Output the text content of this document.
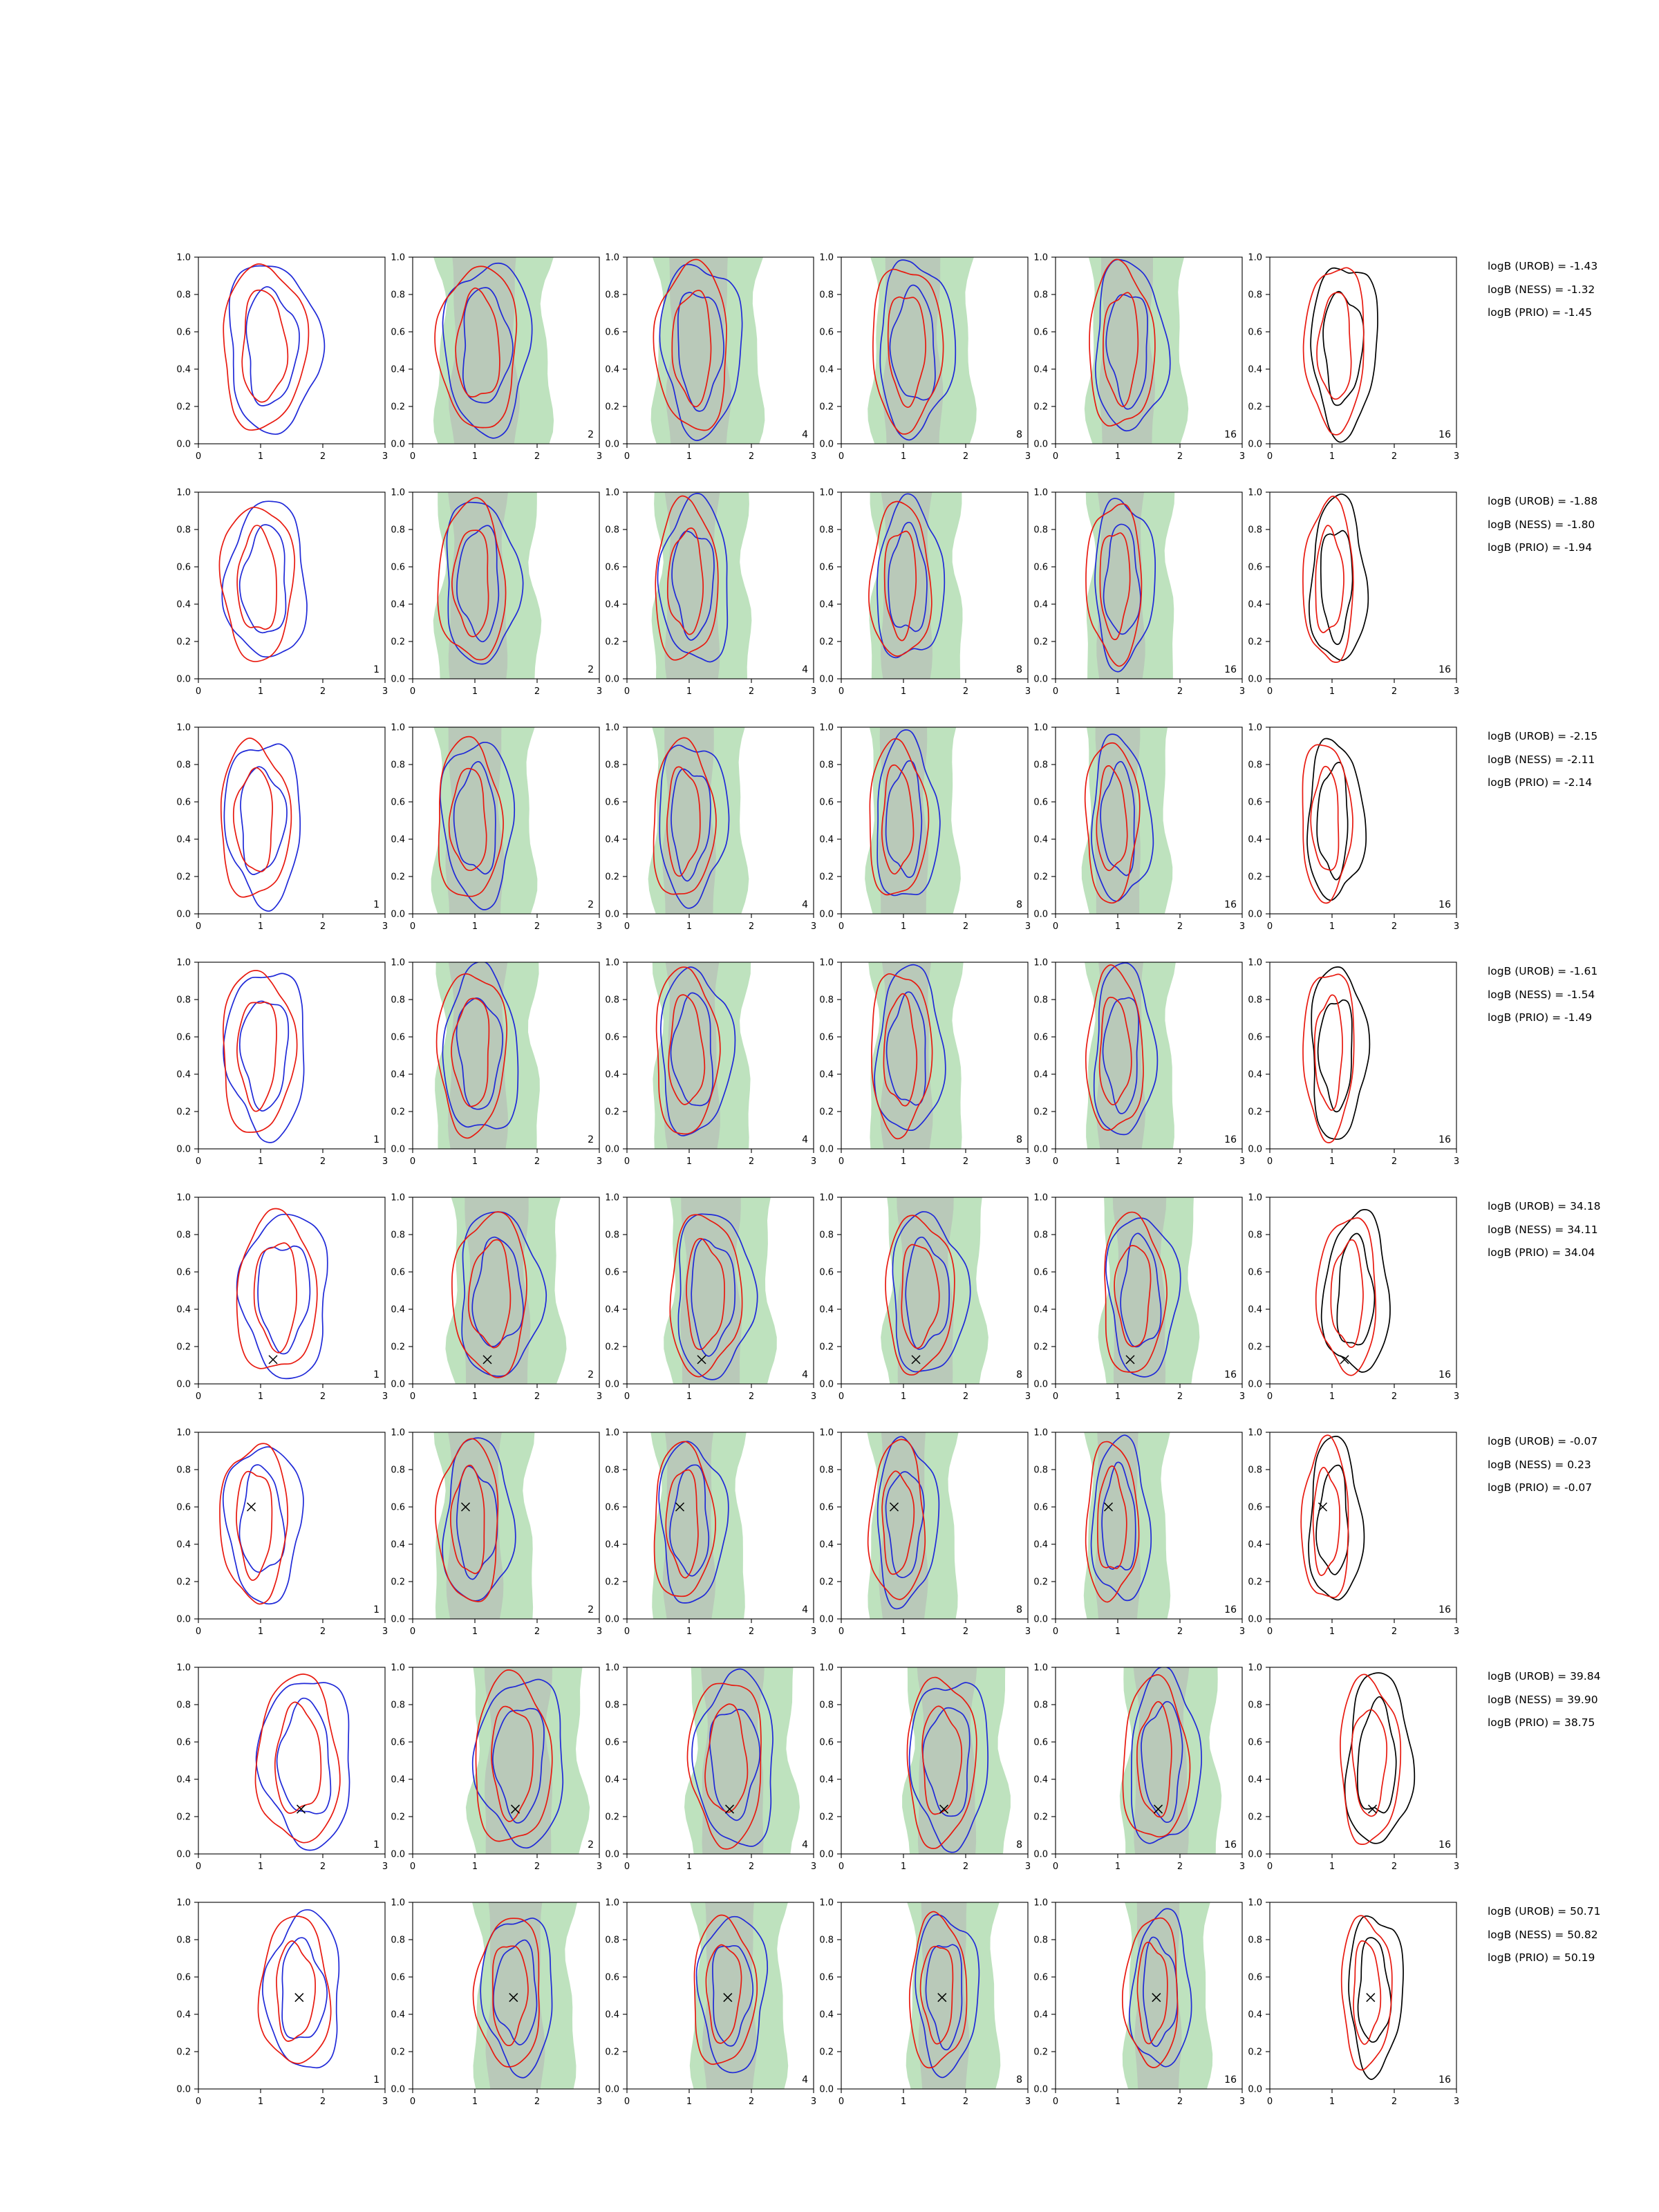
0	1	2	3
0.0
0.2
0.4
0.6
0.8
1.0
0	1	2	3
0.0
0.2
0.4
0.6
0.8
1.0
2
0	1	2	3
0.0
0.2
0.4
0.6
0.8
1.0
4
0	1	2	3
0.0
0.2
0.4
0.6
0.8
1.0
8
0	1	2	3
0.0
0.2
0.4
0.6
0.8
1.0
16
0	1	2	3
0.0
0.2
0.4
0.6
0.8
1.0
16
logB (UROB) = -1.43
logB (NESS) = -1.32
logB (PRIO) = -1.45
0	1	2	3
0.0
0.2
0.4
0.6
0.8
1.0
1
0	1	2	3
0.0
0.2
0.4
0.6
0.8
1.0
2
0	1	2	3
0.0
0.2
0.4
0.6
0.8
1.0
4
0	1	2	3
0.0
0.2
0.4
0.6
0.8
1.0
8
0	1	2	3
0.0
0.2
0.4
0.6
0.8
1.0
16
0	1	2	3
0.0
0.2
0.4
0.6
0.8
1.0
16
logB (UROB) = -1.88
logB (NESS) = -1.80
logB (PRIO) = -1.94
0	1	2	3
0.0
0.2
0.4
0.6
0.8
1.0
1
0	1	2	3
0.0
0.2
0.4
0.6
0.8
1.0
2
0	1	2	3
0.0
0.2
0.4
0.6
0.8
1.0
4
0	1	2	3
0.0
0.2
0.4
0.6
0.8
1.0
8
0	1	2	3
0.0
0.2
0.4
0.6
0.8
1.0
16
0	1	2	3
0.0
0.2
0.4
0.6
0.8
1.0
16
logB (UROB) = -2.15
logB (NESS) = -2.11
logB (PRIO) = -2.14
0	1	2	3
0.0
0.2
0.4
0.6
0.8
1.0
1
0	1	2	3
0.0
0.2
0.4
0.6
0.8
1.0
2
0	1	2	3
0.0
0.2
0.4
0.6
0.8
1.0
4
0	1	2	3
0.0
0.2
0.4
0.6
0.8
1.0
8
0	1	2	3
0.0
0.2
0.4
0.6
0.8
1.0
16
0	1	2	3
0.0
0.2
0.4
0.6
0.8
1.0
16
logB (UROB) = -1.61
logB (NESS) = -1.54
logB (PRIO) = -1.49
0	1	2	3
0.0
0.2
0.4
0.6
0.8
1.0
1
0	1	2	3
0.0
0.2
0.4
0.6
0.8
1.0
2
0	1	2	3
0.0
0.2
0.4
0.6
0.8
1.0
4
0	1	2	3
0.0
0.2
0.4
0.6
0.8
1.0
8
0	1	2	3
0.0
0.2
0.4
0.6
0.8
1.0
16
0	1	2	3
0.0
0.2
0.4
0.6
0.8
1.0
16
logB (UROB) = 34.18
logB (NESS) = 34.11
logB (PRIO) = 34.04
0	1	2	3
0.0
0.2
0.4
0.6
0.8
1.0
1
0	1	2	3
0.0
0.2
0.4
0.6
0.8
1.0
2
0	1	2	3
0.0
0.2
0.4
0.6
0.8
1.0
4
0	1	2	3
0.0
0.2
0.4
0.6
0.8
1.0
8
0	1	2	3
0.0
0.2
0.4
0.6
0.8
1.0
16
0	1	2	3
0.0
0.2
0.4
0.6
0.8
1.0
16
logB (UROB) = -0.07
logB (NESS) = 0.23
logB (PRIO) = -0.07
0	1	2	3
0.0
0.2
0.4
0.6
0.8
1.0
1
0	1	2	3
0.0
0.2
0.4
0.6
0.8
1.0
2
0	1	2	3
0.0
0.2
0.4
0.6
0.8
1.0
4
0	1	2	3
0.0
0.2
0.4
0.6
0.8
1.0
8
0	1	2	3
0.0
0.2
0.4
0.6
0.8
1.0
16
0	1	2	3
0.0
0.2
0.4
0.6
0.8
1.0
16
logB (UROB) = 39.84
logB (NESS) = 39.90
logB (PRIO) = 38.75
0	1	2	3
0.0
0.2
0.4
0.6
0.8
1.0
1
0	1	2	3
0.0
0.2
0.4
0.6
0.8
1.0
0	1	2	3
0.0
0.2
0.4
0.6
0.8
1.0
4
0	1	2	3
0.0
0.2
0.4
0.6
0.8
1.0
8
0	1	2	3
0.0
0.2
0.4
0.6
0.8
1.0
16
0	1	2	3
0.0
0.2
0.4
0.6
0.8
1.0
16
logB (UROB) = 50.71
logB (NESS) = 50.82
logB (PRIO) = 50.19
